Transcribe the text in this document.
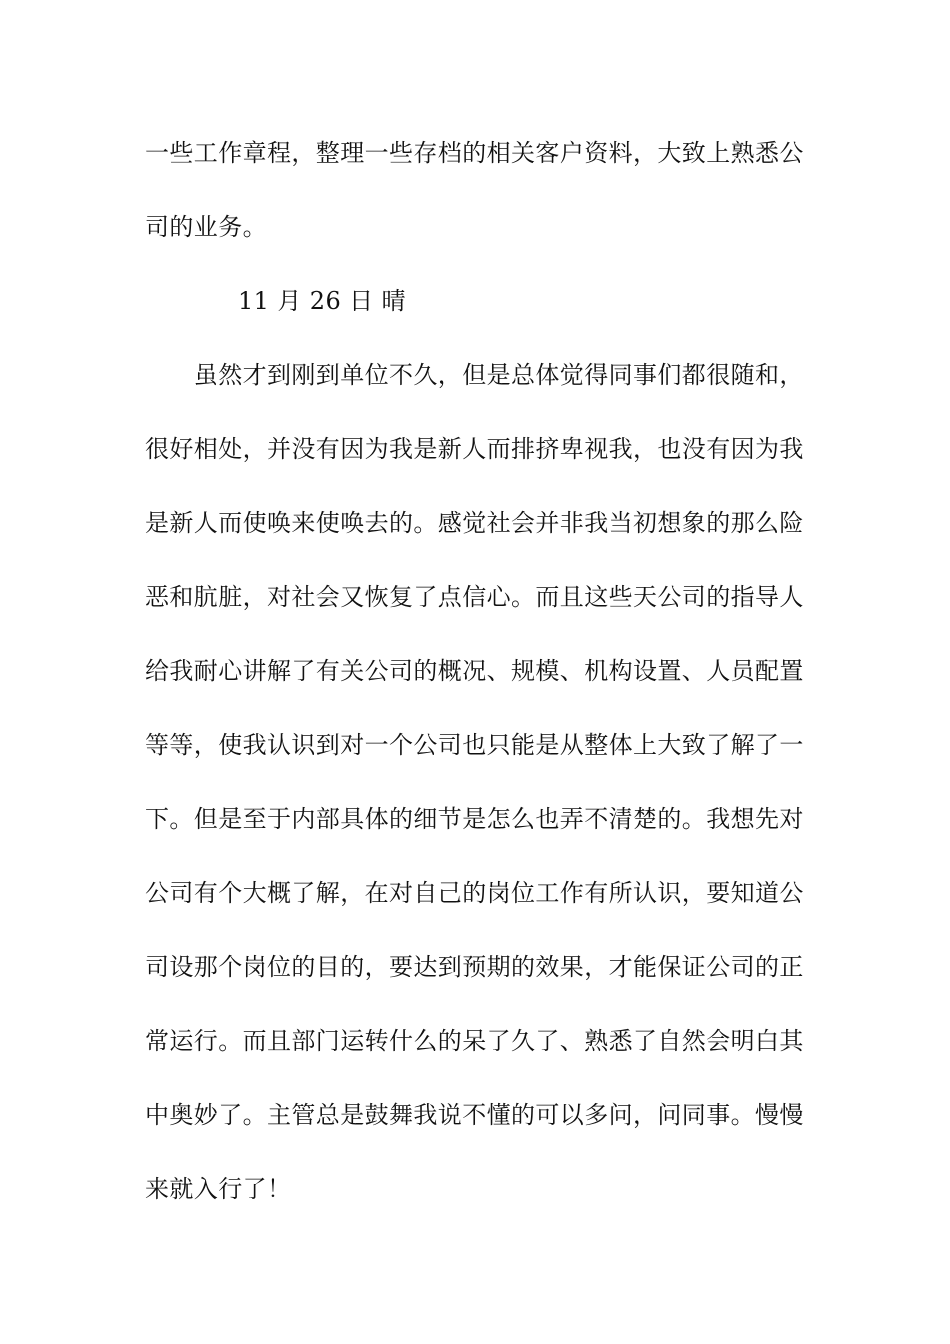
一些工作章程，整理一些存档的相关客户资料，大致上熟悉公
司的业务。
11 月 26 日 晴
　　虽然才到刚到单位不久，但是总体觉得同事们都很随和，
很好相处，并没有因为我是新人而排挤卑视我，也没有因为我
是新人而使唤来使唤去的。感觉社会并非我当初想象的那么险
恶和肮脏，对社会又恢复了点信心。而且这些天公司的指导人
给我耐心讲解了有关公司的概况、规模、机构设置、人员配置
等等，使我认识到对一个公司也只能是从整体上大致了解了一
下。但是至于内部具体的细节是怎么也弄不清楚的。我想先对
公司有个大概了解，在对自己的岗位工作有所认识，要知道公
司设那个岗位的目的，要达到预期的效果，才能保证公司的正
常运行。而且部门运转什么的呆了久了、熟悉了自然会明白其
中奥妙了。主管总是鼓舞我说不懂的可以多问，问同事。慢慢
来就入行了！
